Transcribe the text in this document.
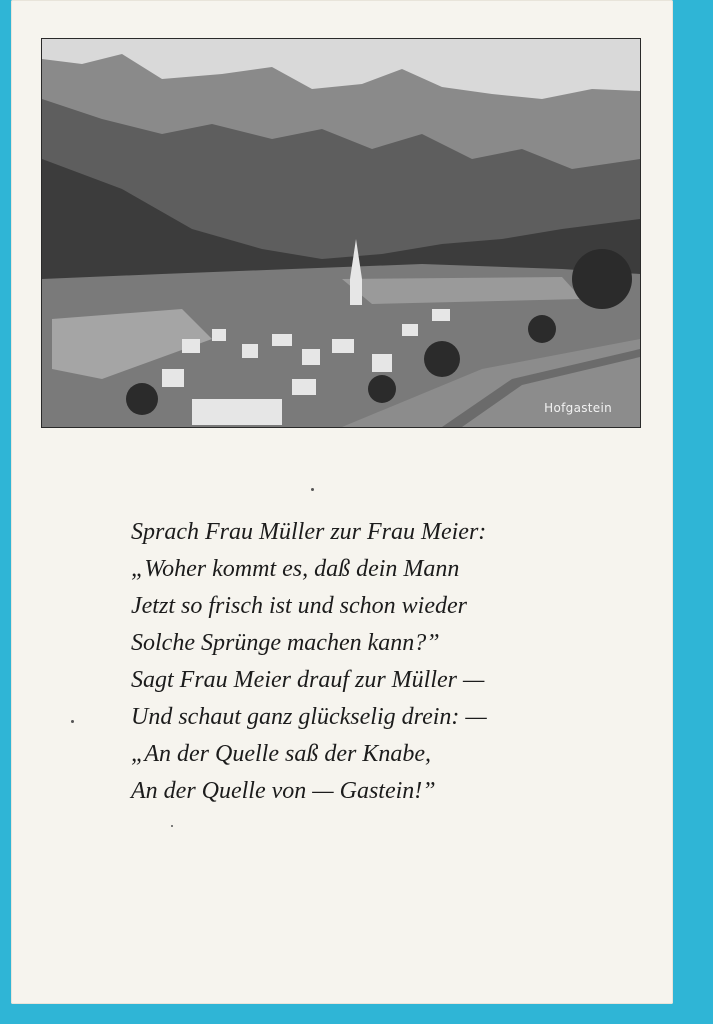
Hofgastein
Sprach Frau Müller zur Frau Meier:
„Woher kommt es, daß dein Mann
Jetzt so frisch ist und schon wieder
Solche Sprünge machen kann?”
Sagt Frau Meier drauf zur Müller —
Und schaut ganz glückselig drein: —
„An der Quelle saß der Knabe,
An der Quelle von — Gastein!”
